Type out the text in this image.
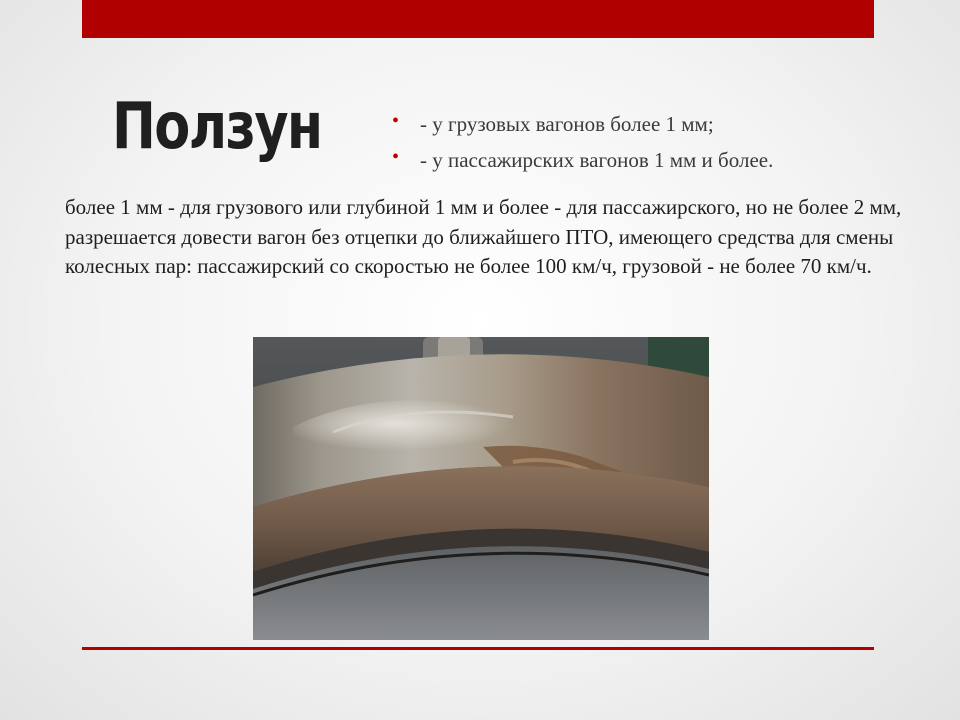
Ползун	• - у грузовых вагонов более 1 мм;
• - у пассажирских вагонов 1 мм и более.

более 1 мм - для грузового или глубиной 1 мм и более - для пассажирского, но не более 2 мм, разрешается довести вагон без отцепки до ближайшего ПТО, имеющего средства для смены колесных пар: пассажирский со скоростью не более 100 км/ч, грузовой - не более 70 км/ч.
